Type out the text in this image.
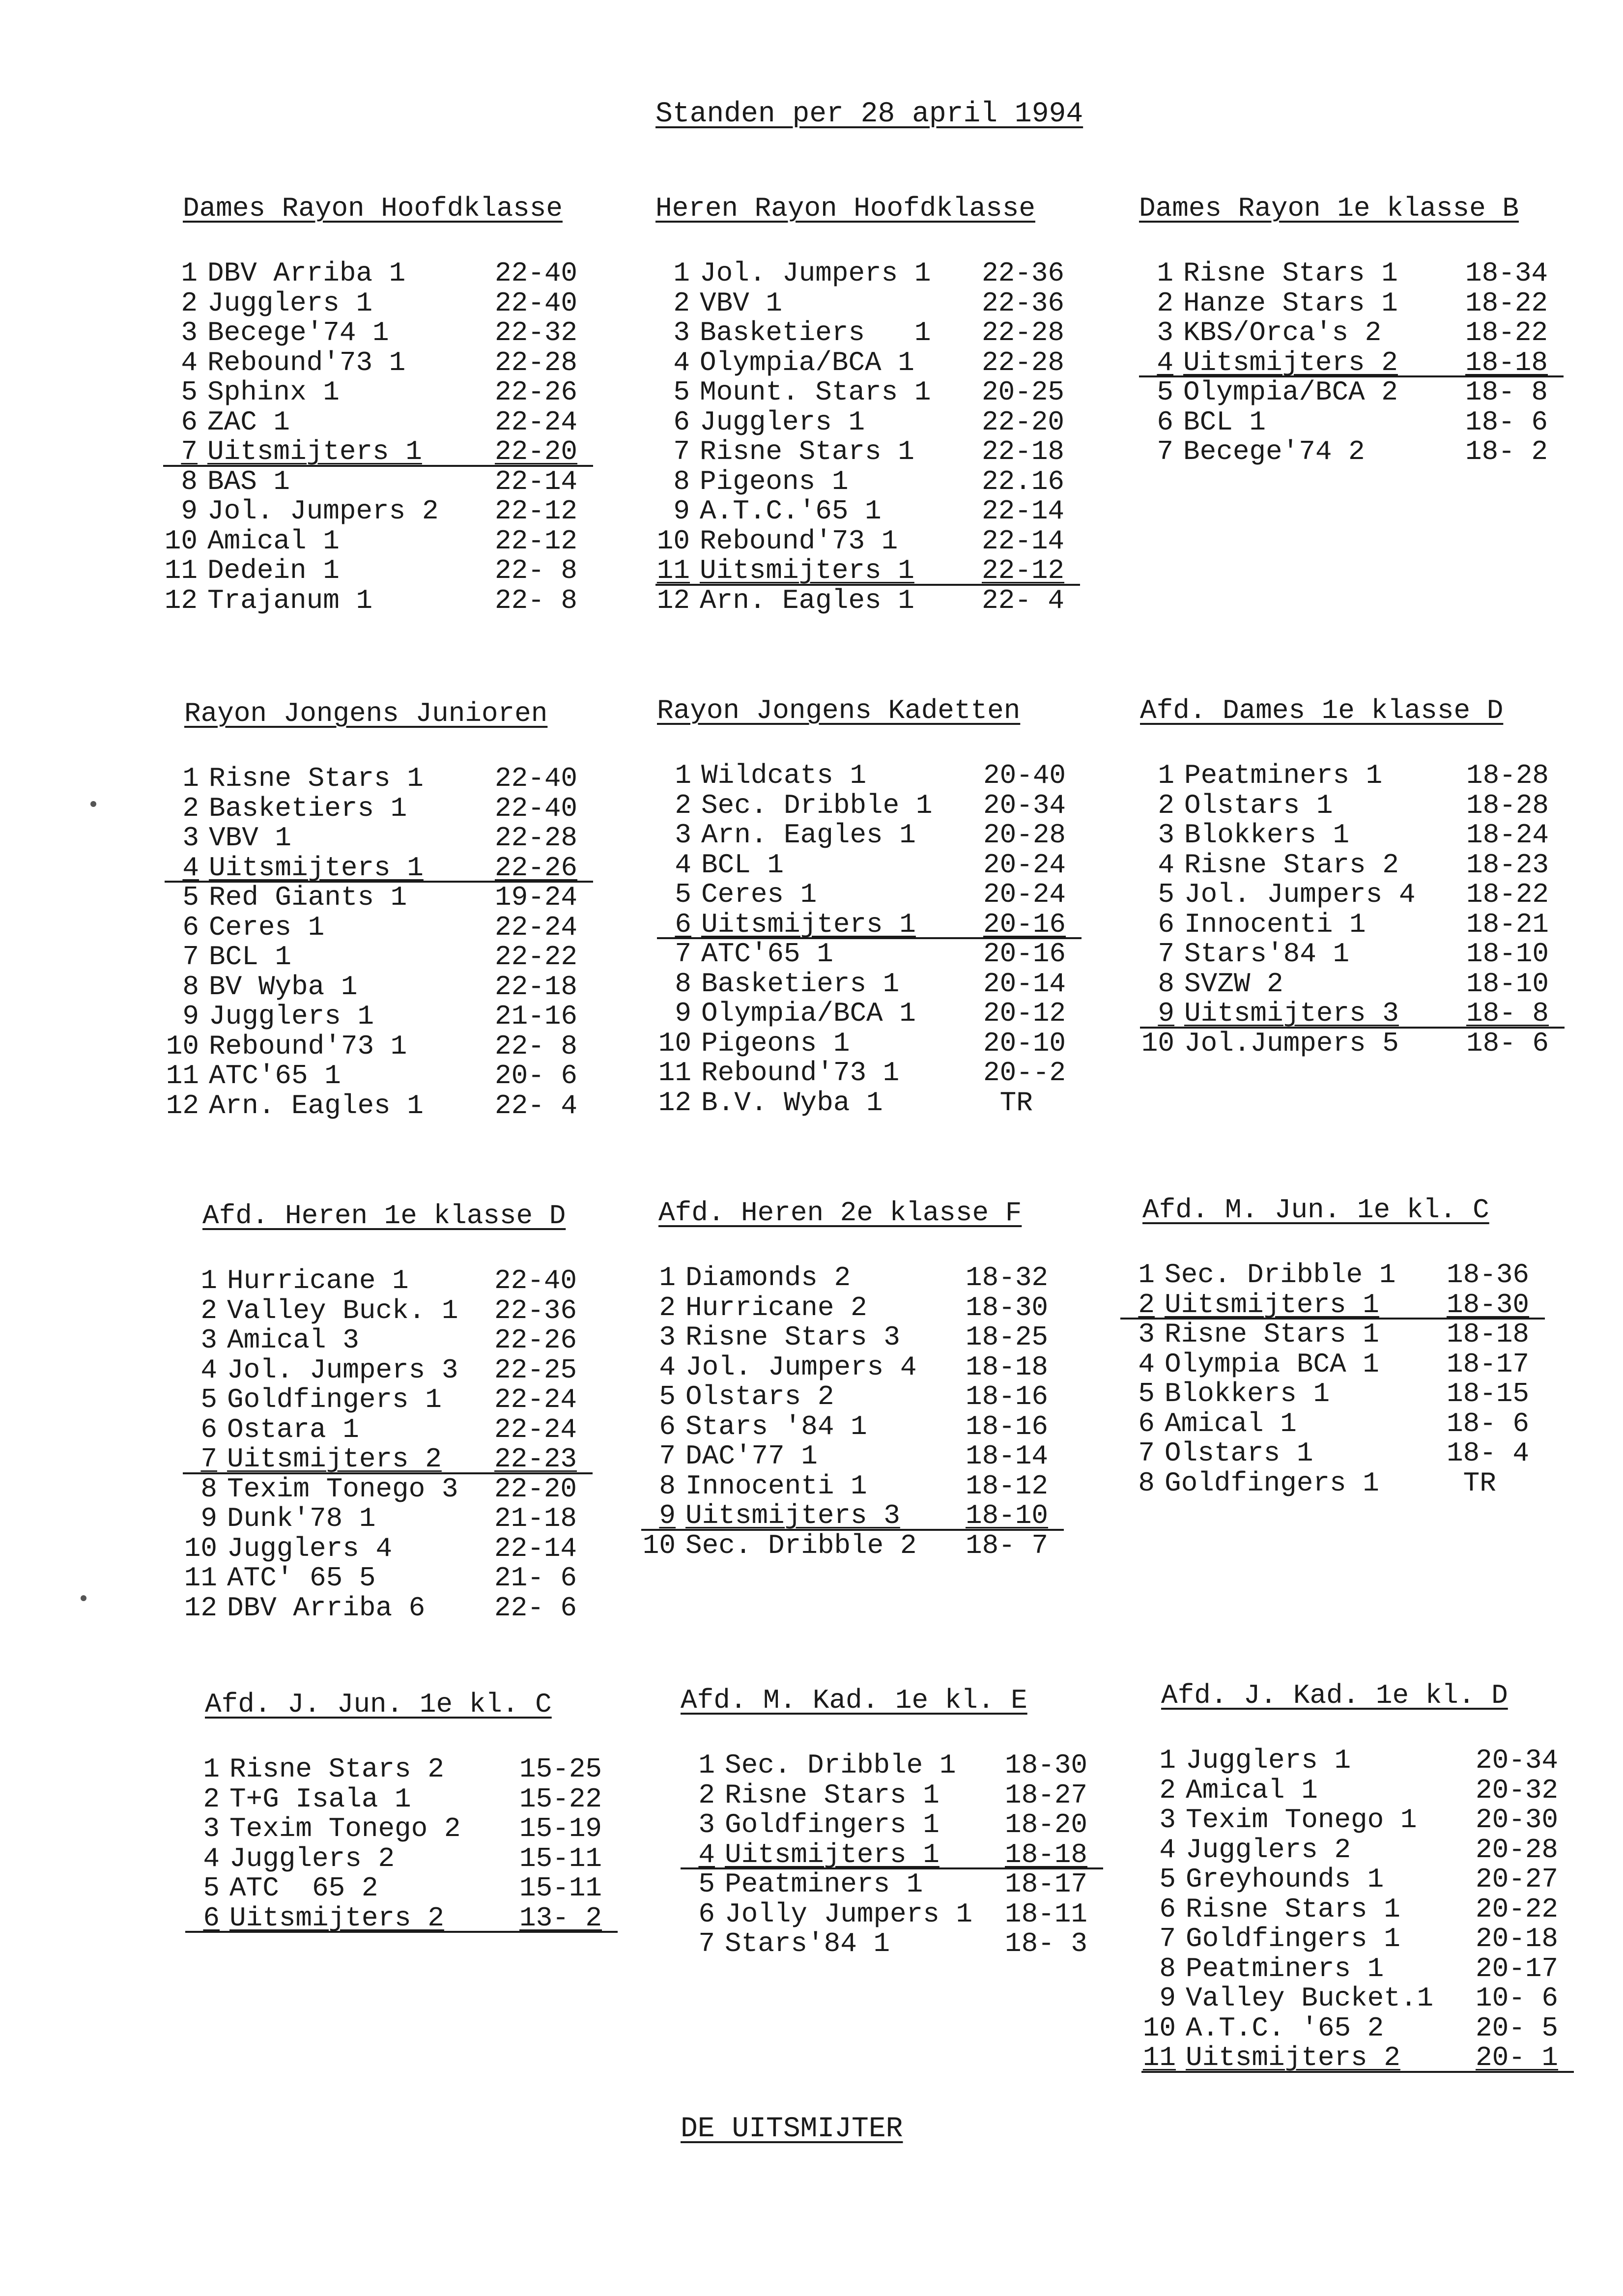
Standen per 28 april 1994
Dames Rayon Hoofdklasse
1 DBV Arriba 1	22-40
2 Jugglers 1	22-40
3 Becege'74 1	22-32
4 Rebound'73 1	22-28
5 Sphinx 1	22-26
6 ZAC 1	22-24
7 Uitsmijters 1	22-20
8 BAS 1	22-14
9 Jol. Jumpers 2 22-12
10 Amical 1	22-12
11 Dedein 1	22- 8
12 Trajanum 1	22- 8
Heren Rayon Hoofdklasse
1 Jol. Jumpers 1 22-36
2 VBV 1	22-36
3 Basketiers   1 22-28
4 Olympia/BCA 1 22-28
5 Mount. Stars 1 20-25
6 Jugglers 1	22-20
7 Risne Stars 1 22-18
8 Pigeons 1	22.16
9 A.T.C.'65 1	22-14
10 Rebound'73 1	22-14
11 Uitsmijters 1 22-12
12 Arn. Eagles 1 22- 4
Dames Rayon 1e klasse B
1 Risne Stars 1 18-34
2 Hanze Stars 1 18-22
3 KBS/Orca's 2	18-22
4 Uitsmijters 2 18-18
5 Olympia/BCA 2 18- 8
6 BCL 1	18- 6
7 Becege'74 2	18- 2
Rayon Jongens Junioren
1 Risne Stars 1	22-40
2 Basketiers 1	22-40
3 VBV 1	22-28
4 Uitsmijters 1	22-26
5 Red Giants 1	19-24
6 Ceres 1	22-24
7 BCL 1	22-22
8 BV Wyba 1	22-18
9 Jugglers 1	21-16
10 Rebound'73 1	22- 8
11 ATC'65 1	20- 6
12 Arn. Eagles 1	22- 4
Rayon Jongens Kadetten
1 Wildcats 1	20-40
2 Sec. Dribble 1 20-34
3 Arn. Eagles 1 20-28
4 BCL 1	20-24
5 Ceres 1	20-24
6 Uitsmijters 1 20-16
7 ATC'65 1	20-16
8 Basketiers 1	20-14
9 Olympia/BCA 1 20-12
10 Pigeons 1	20-10
11 Rebound'73 1	20--2
12 B.V. Wyba 1	TR
Afd. Dames 1e klasse D
1 Peatminers 1	18-28
2 Olstars 1	18-28
3 Blokkers 1	18-24
4 Risne Stars 2 18-23
5 Jol. Jumpers 4 18-22
6 Innocenti 1	18-21
7 Stars'84 1	18-10
8 SVZW 2	18-10
9 Uitsmijters 3 18- 8
10 Jol.Jumpers 5 18- 6
Afd. Heren 1e klasse D
1 Hurricane 1	22-40
2 Valley Buck. 1 22-36
3 Amical 3	22-26
4 Jol. Jumpers 3 22-25
5 Goldfingers 1 22-24
6 Ostara 1	22-24
7 Uitsmijters 2 22-23
8 Texim Tonego 3 22-20
9 Dunk'78 1	21-18
10 Jugglers 4	22-14
11 ATC' 65 5	21- 6
12 DBV Arriba 6	22- 6
Afd. Heren 2e klasse F
1 Diamonds 2	18-32
2 Hurricane 2	18-30
3 Risne Stars 3 18-25
4 Jol. Jumpers 4 18-18
5 Olstars 2	18-16
6 Stars '84 1	18-16
7 DAC'77 1	18-14
8 Innocenti 1	18-12
9 Uitsmijters 3 18-10
10 Sec. Dribble 2 18- 7
Afd. M. Jun. 1e kl. C
1 Sec. Dribble 1 18-36
2 Uitsmijters 1 18-30
3 Risne Stars 1 18-18
4 Olympia BCA 1 18-17
5 Blokkers 1	18-15
6 Amical 1	18- 6
7 Olstars 1	18- 4
8 Goldfingers 1 TR
Afd. J. Jun. 1e kl. C
1 Risne Stars 2	15-25
2 T+G Isala 1	15-22
3 Texim Tonego 2 15-19
4 Jugglers 2	15-11
5 ATC  65 2	15-11
6 Uitsmijters 2	13- 2
Afd. M. Kad. 1e kl. E
1 Sec. Dribble 1 18-30
2 Risne Stars 1 18-27
3 Goldfingers 1 18-20
4 Uitsmijters 1 18-18
5 Peatminers 1	18-17
6 Jolly Jumpers 1 18-11
7 Stars'84 1	18- 3
Afd. J. Kad. 1e kl. D
1 Jugglers 1	20-34
2 Amical 1	20-32
3 Texim Tonego 1 20-30
4 Jugglers 2	20-28
5 Greyhounds 1	20-27
6 Risne Stars 1	20-22
7 Goldfingers 1	20-18
8 Peatminers 1	20-17
9 Valley Bucket.1 10- 6
10 A.T.C. '65 2	20- 5
11 Uitsmijters 2	20- 1
DE UITSMIJTER
